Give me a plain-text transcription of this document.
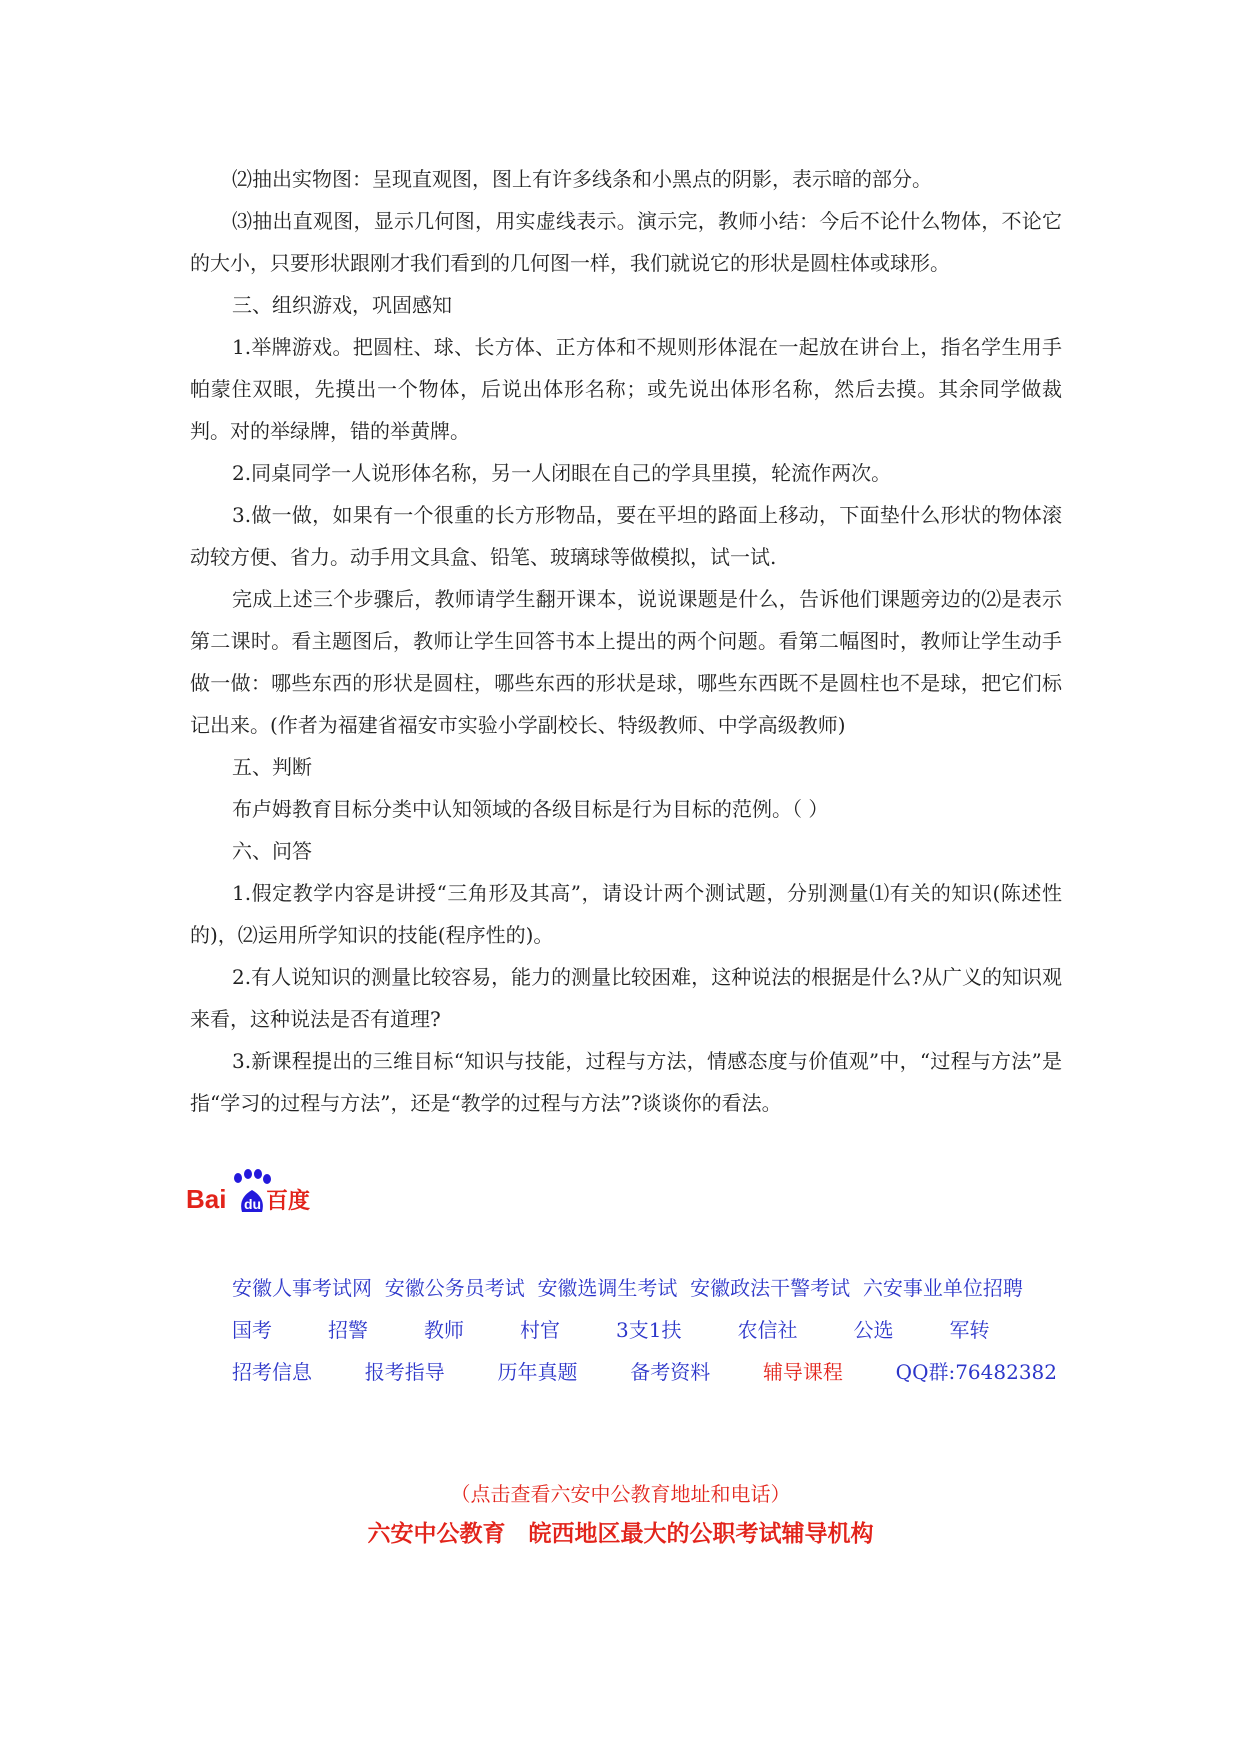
⑵抽出实物图：呈现直观图，图上有许多线条和小黑点的阴影，表示暗的部分。

⑶抽出直观图，显示几何图，用实虚线表示。演示完，教师小结：今后不论什么物体，不论它的大小，只要形状跟刚才我们看到的几何图一样，我们就说它的形状是圆柱体或球形。

三、组织游戏，巩固感知

1.举牌游戏。把圆柱、球、长方体、正方体和不规则形体混在一起放在讲台上，指名学生用手帕蒙住双眼，先摸出一个物体，后说出体形名称；或先说出体形名称，然后去摸。其余同学做裁判。对的举绿牌，错的举黄牌。

2.同桌同学一人说形体名称，另一人闭眼在自己的学具里摸，轮流作两次。

3.做一做，如果有一个很重的长方形物品，要在平坦的路面上移动，下面垫什么形状的物体滚动较方便、省力。动手用文具盒、铅笔、玻璃球等做模拟，试一试.

完成上述三个步骤后，教师请学生翻开课本，说说课题是什么，告诉他们课题旁边的⑵是表示第二课时。看主题图后，教师让学生回答书本上提出的两个问题。看第二幅图时，教师让学生动手做一做：哪些东西的形状是圆柱，哪些东西的形状是球，哪些东西既不是圆柱也不是球，把它们标记出来。(作者为福建省福安市实验小学副校长、特级教师、中学高级教师)

五、判断

布卢姆教育目标分类中认知领域的各级目标是行为目标的范例。（ ）

六、问答

1.假定教学内容是讲授“三角形及其高”，请设计两个测试题，分别测量⑴有关的知识(陈述性的)，⑵运用所学知识的技能(程序性的)。

2.有人说知识的测量比较容易，能力的测量比较困难，这种说法的根据是什么?从广义的知识观来看，这种说法是否有道理?

3.新课程提出的三维目标“知识与技能，过程与方法，情感态度与价值观”中，“过程与方法”是指“学习的过程与方法”，还是“教学的过程与方法”?谈谈你的看法。

Bai du 百度
安徽人事考试网 安徽公务员考试 安徽选调生考试 安徽政法干警考试 六安事业单位招聘
国考	招警	教师	村官	3支1扶	农信社	公选	军转
招考信息	报考指导	历年真题	备考资料	辅导课程	QQ群:76482382
（点击查看六安中公教育地址和电话）
六安中公教育　皖西地区最大的公职考试辅导机构
